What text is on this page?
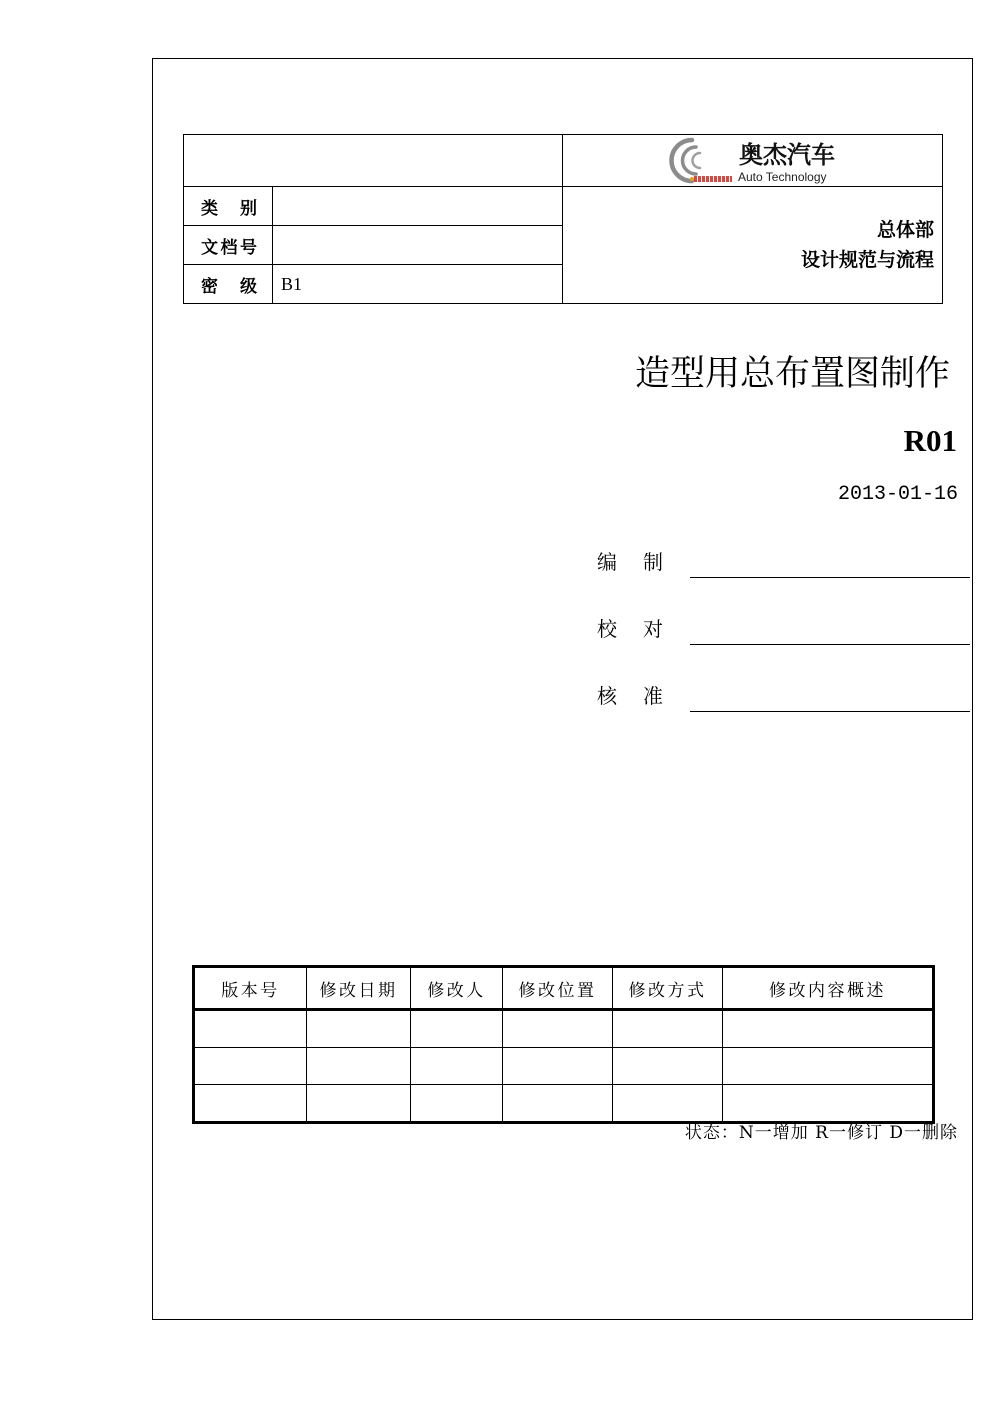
		奥杰汽车
Auto Technology

类 别		总体部
设计规范与流程

文档号		
密 级	B1	
造型用总布置图制作
R01
2013-01-16
编 制
校 对
核 准
版本号	修改日期	修改人	修改位置	修改方式	修改内容概述

状态：N一增加 R一修订 D一删除
